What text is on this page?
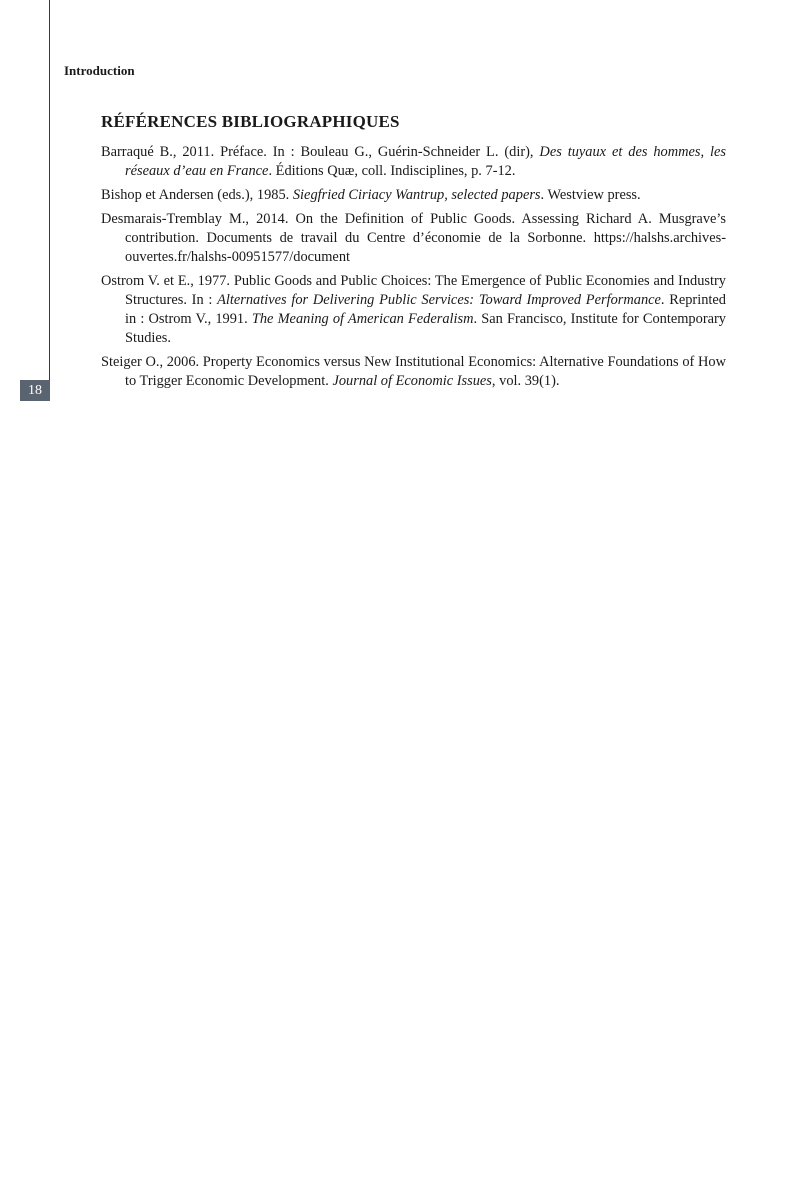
18
Introduction
RÉFÉRENCES BIBLIOGRAPHIQUES
Barraqué B., 2011. Préface. In : Bouleau G., Guérin-Schneider L. (dir), Des tuyaux et des hommes, les réseaux d’eau en France. Éditions Quæ, coll. Indisciplines, p. 7-12.
Bishop et Andersen (eds.), 1985. Siegfried Ciriacy Wantrup, selected papers. Westview press.
Desmarais-Tremblay M., 2014. On the Definition of Public Goods. Assessing Richard A. Musgrave’s contribution. Documents de travail du Centre d’économie de la Sorbonne. https://halshs.archives-ouvertes.fr/halshs-00951577/document
Ostrom V. et E., 1977. Public Goods and Public Choices: The Emergence of Public Economies and Industry Structures. In : Alternatives for Delivering Public Services: Toward Improved Performance. Reprinted in : Ostrom V., 1991. The Meaning of American Federalism. San Francisco, Institute for Contemporary Studies.
Steiger O., 2006. Property Economics versus New Institutional Economics: Alternative Foundations of How to Trigger Economic Development. Journal of Economic Issues, vol. 39(1).
